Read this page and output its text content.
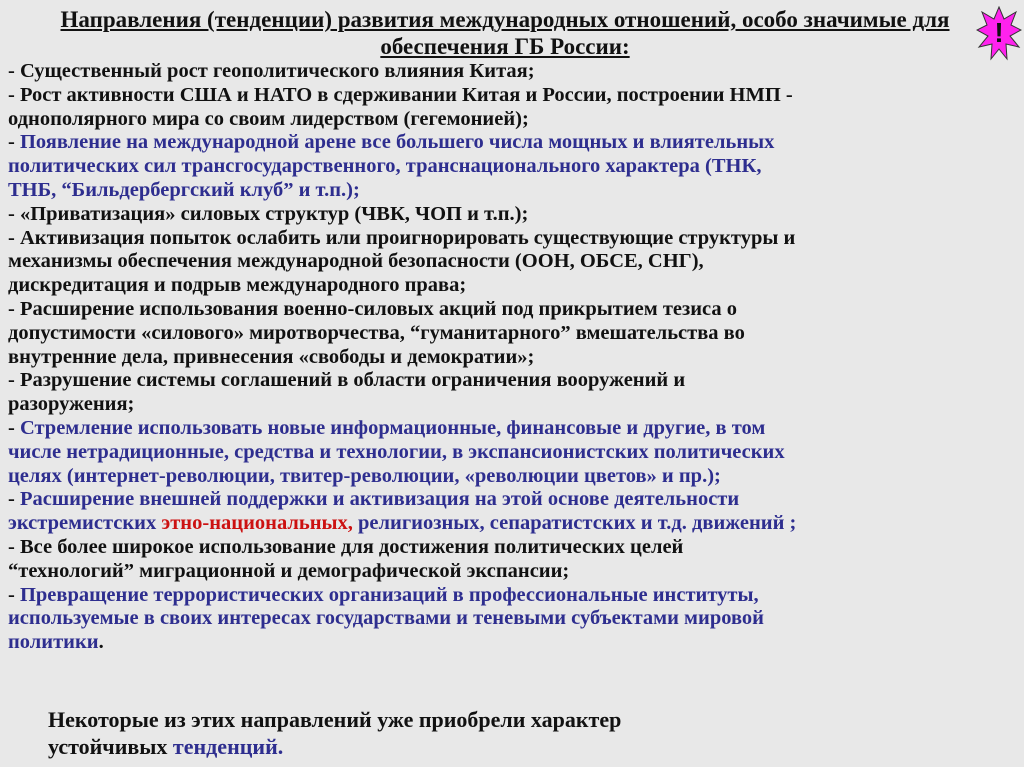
Направления (тенденции) развития международных отношений, особо значимые для обеспечения ГБ России:	!

- Существенный рост геополитического влияния Китая;

- Рост активности США и НАТО в сдерживании Китая и России, построении НМП -
однополярного мира со своим лидерством (гегемонией);

- Появление на международной арене все большего числа мощных и влиятельных
политических сил трансгосударственного, транснационального характера (ТНК,
ТНБ, “Бильдербергский клуб” и т.п.);

- «Приватизация» силовых структур (ЧВК, ЧОП и т.п.);

- Активизация попыток ослабить или проигнорировать существующие структуры и
механизмы обеспечения международной безопасности (ООН, ОБСЕ, СНГ),
дискредитация и подрыв международного права;

- Расширение использования военно-силовых акций под прикрытием тезиса о
допустимости «силового» миротворчества, “гуманитарного” вмешательства во
внутренние дела, привнесения «свободы и демократии»;

- Разрушение системы соглашений в области ограничения вооружений и
разоружения;

- Стремление использовать новые информационные, финансовые и другие, в том
числе нетрадиционные, средства и технологии, в экспансионистских политических
целях (интернет-революции, твитер-революции, «революции цветов» и пр.);

- Расширение внешней поддержки и активизация на этой основе деятельности
экстремистских этно-национальных, религиозных, сепаратистских и т.д. движений ;

- Все более широкое использование для достижения политических целей
“технологий” миграционной и демографической экспансии;

- Превращение террористических организаций в профессиональные институты,
используемые в своих интересах государствами и теневыми субъектами мировой
политики.

Некоторые из этих направлений уже приобрели характер
устойчивых тенденций.
